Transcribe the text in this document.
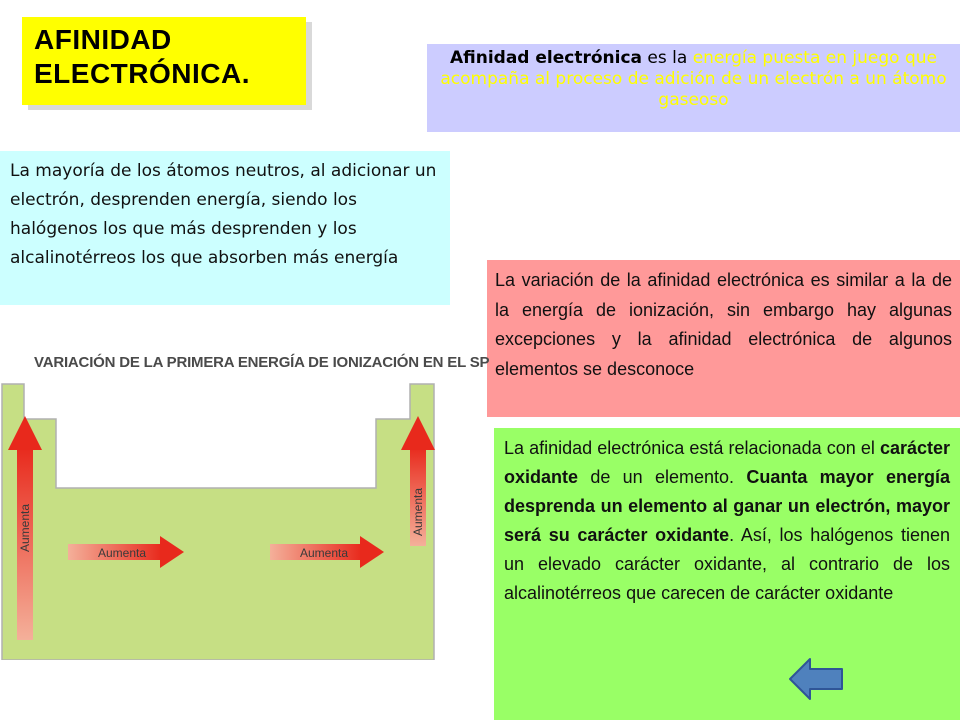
AFINIDAD ELECTRÓNICA.	Afinidad electrónica es la energía puesta en juego que acompaña al proceso de adición de un electrón a un átomo gaseoso
La mayoría de los átomos neutros, al adicionar un electrón, desprenden energía, siendo los halógenos los que más desprenden y los alcalinotérreos los que absorben más energía
La variación de la afinidad electrónica es similar a la de la energía de ionización, sin embargo hay algunas excepciones y la afinidad electrónica de algunos elementos se desconoce
La afinidad electrónica está relacionada con el carácter oxidante de un elemento. Cuanta mayor energía desprenda un elemento al ganar un electrón, mayor será su carácter oxidante. Así, los halógenos tienen un elevado carácter oxidante, al contrario de los alcalinotérreos que carecen de carácter oxidante
Aumenta	Aumenta
Aumenta	Aumenta
VARIACIÓN DE LA PRIMERA ENERGÍA DE IONIZACIÓN EN EL SP
